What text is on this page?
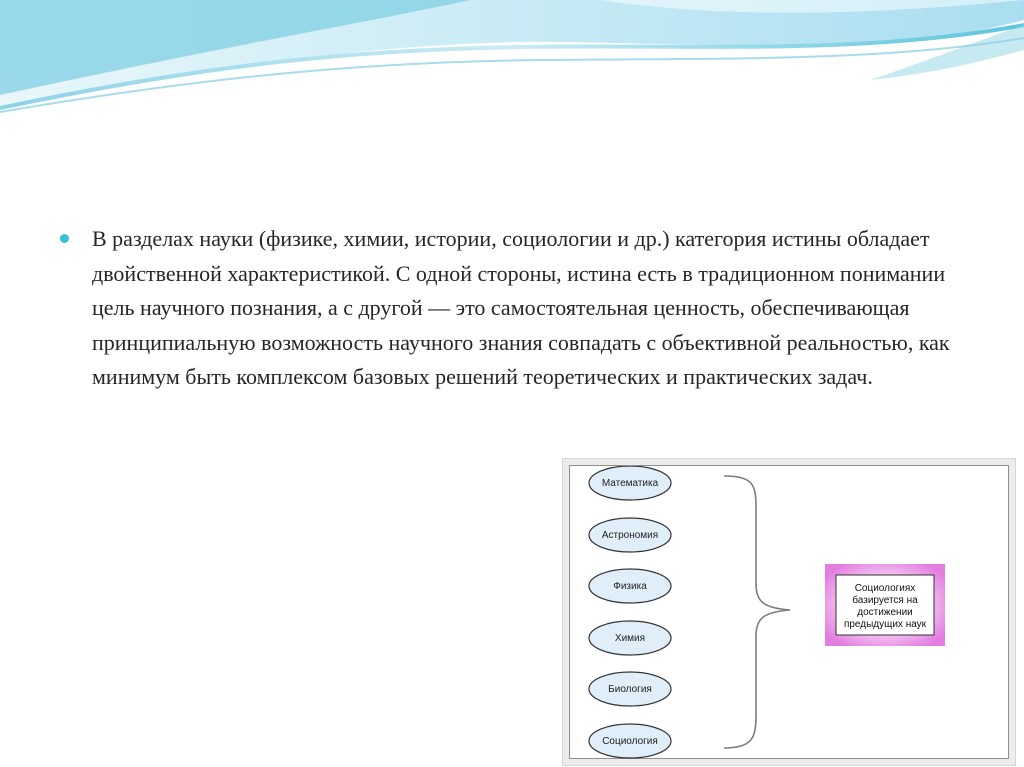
В разделах науки (физике, химии, истории, социологии и др.) категория истины обладает двойственной характеристикой. С одной стороны, истина есть в традиционном понимании цель научного познания, а с другой — это самостоятельная ценность, обеспечивающая принципиальную возможность научного знания совпадать с объективной реальностью, как минимум быть комплексом базовых решений теоретических и практических задач.

Математика
Астрономия
Физика
Химия
Биология
Социология
Социологиях
базируется на
достижении
предыдущих наук
